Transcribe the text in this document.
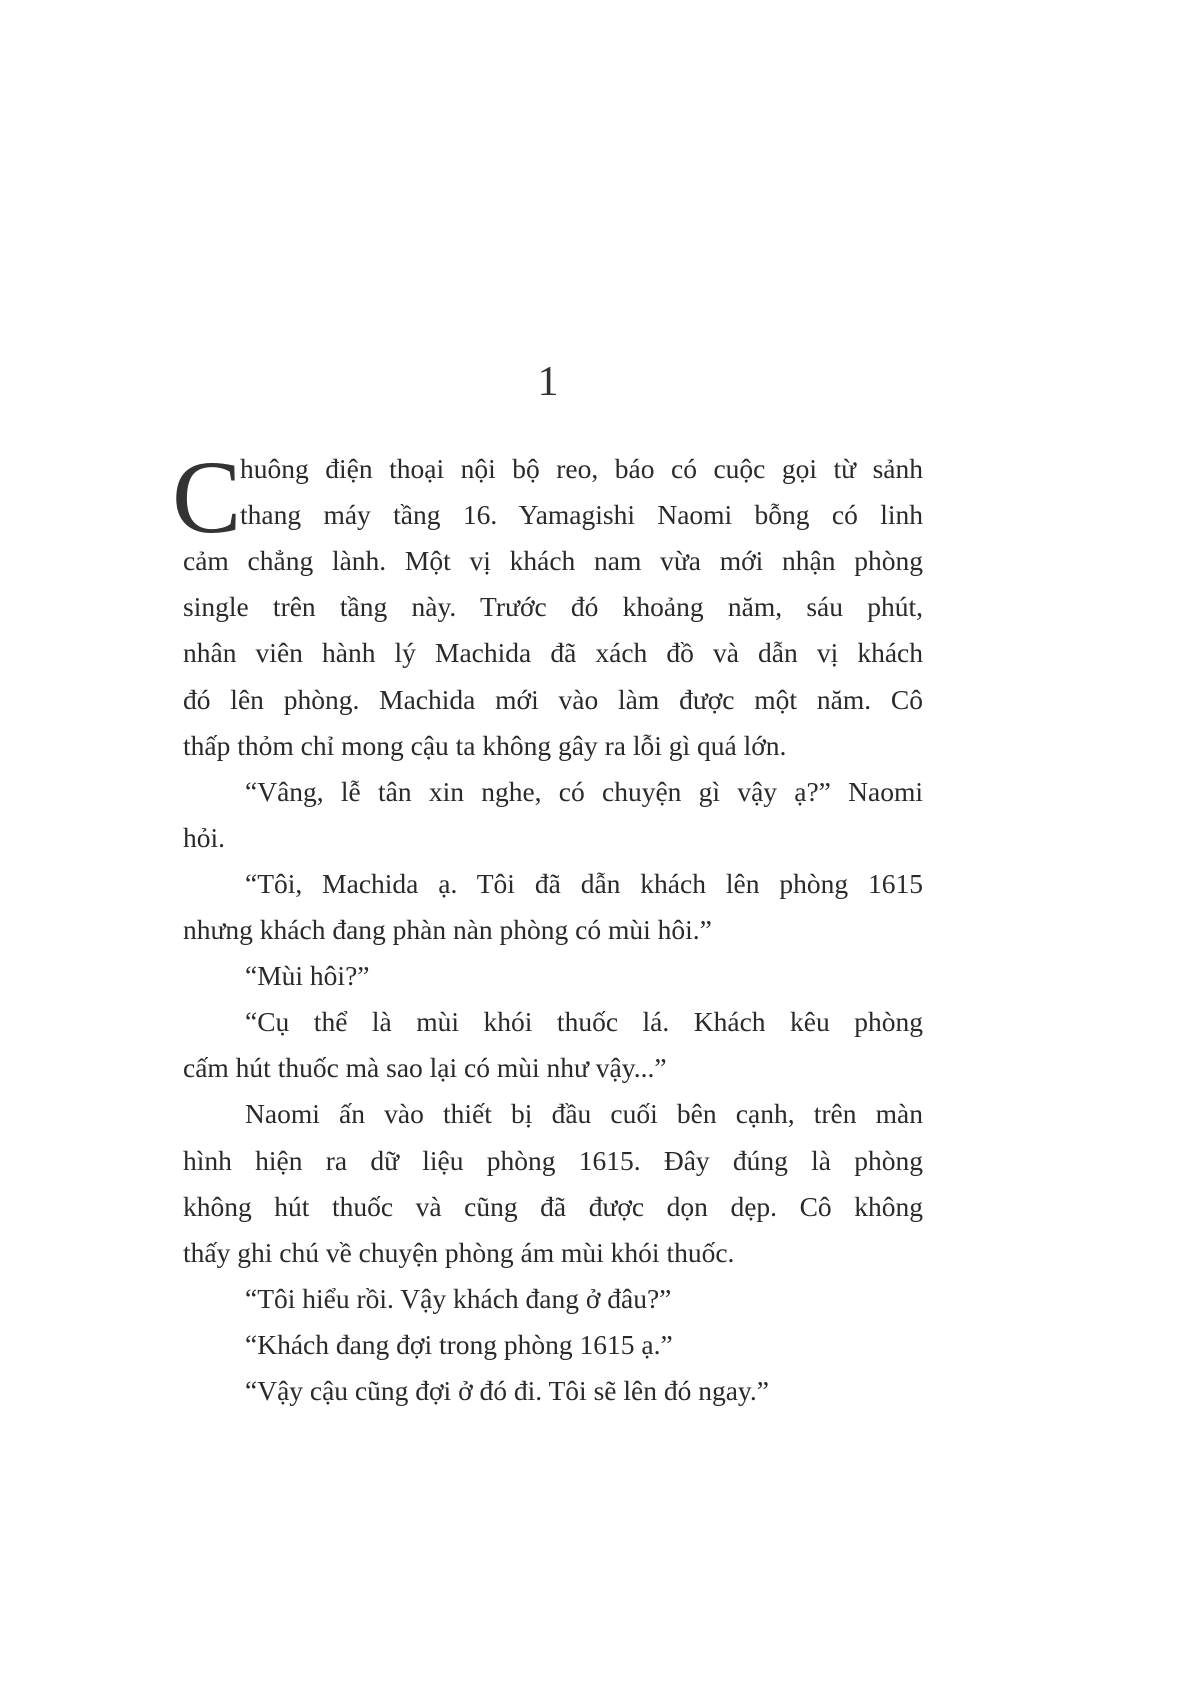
1
C
huông điện thoại nội bộ reo, báo có cuộc gọi từ sảnh
thang máy tầng 16. Yamagishi Naomi bỗng có linh
cảm chẳng lành. Một vị khách nam vừa mới nhận phòng
single trên tầng này. Trước đó khoảng năm, sáu phút,
nhân viên hành lý Machida đã xách đồ và dẫn vị khách
đó lên phòng. Machida mới vào làm được một năm. Cô
thấp thỏm chỉ mong cậu ta không gây ra lỗi gì quá lớn.
“Vâng, lễ tân xin nghe, có chuyện gì vậy ạ?” Naomi
hỏi.
“Tôi, Machida ạ. Tôi đã dẫn khách lên phòng 1615
nhưng khách đang phàn nàn phòng có mùi hôi.”
“Mùi hôi?”
“Cụ thể là mùi khói thuốc lá. Khách kêu phòng
cấm hút thuốc mà sao lại có mùi như vậy...”
Naomi ấn vào thiết bị đầu cuối bên cạnh, trên màn
hình hiện ra dữ liệu phòng 1615. Đây đúng là phòng
không hút thuốc và cũng đã được dọn dẹp. Cô không
thấy ghi chú về chuyện phòng ám mùi khói thuốc.
“Tôi hiểu rồi. Vậy khách đang ở đâu?”
“Khách đang đợi trong phòng 1615 ạ.”
“Vậy cậu cũng đợi ở đó đi. Tôi sẽ lên đó ngay.”
